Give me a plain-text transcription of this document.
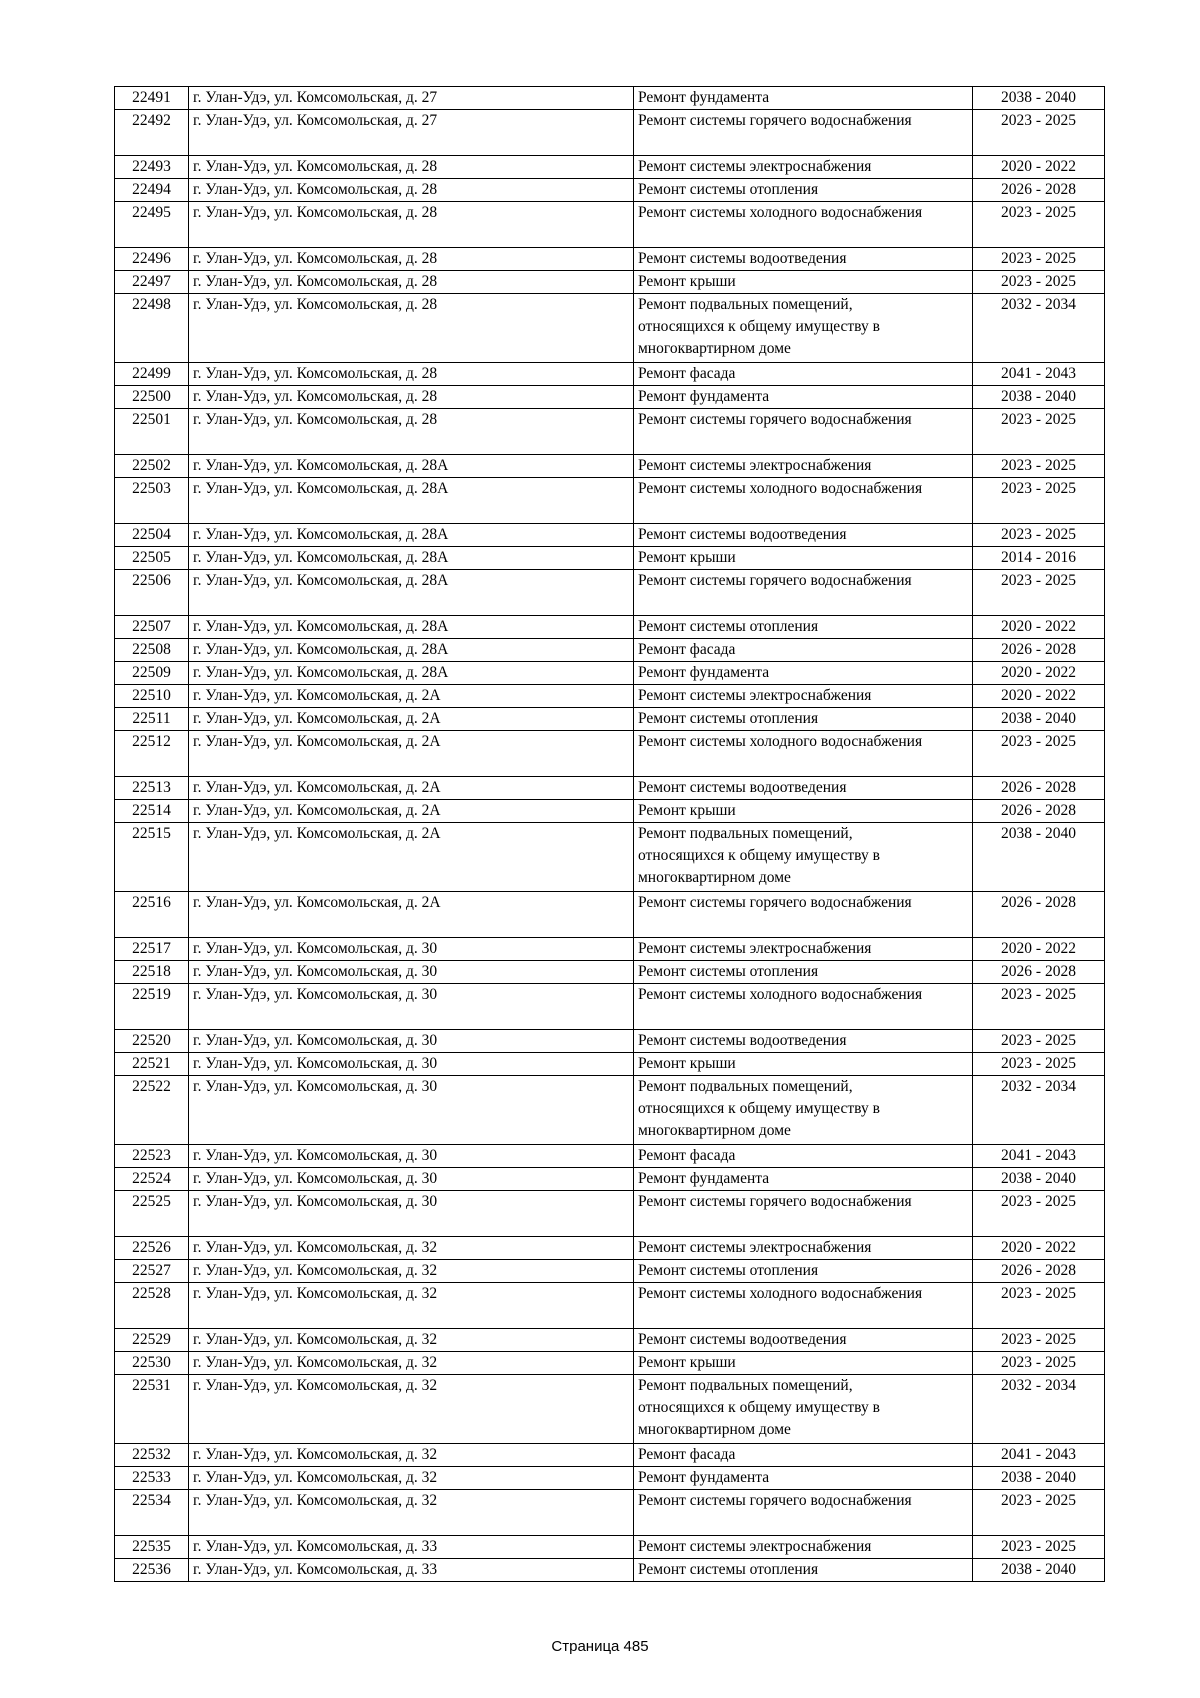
22491	г. Улан-Удэ, ул. Комсомольская, д. 27	Ремонт фундамента	2038 - 2040
22492	г. Улан-Удэ, ул. Комсомольская, д. 27	Ремонт системы горячего водоснабжения	2023 - 2025
22493	г. Улан-Удэ, ул. Комсомольская, д. 28	Ремонт системы электроснабжения	2020 - 2022
22494	г. Улан-Удэ, ул. Комсомольская, д. 28	Ремонт системы отопления	2026 - 2028
22495	г. Улан-Удэ, ул. Комсомольская, д. 28	Ремонт системы холодного водоснабжения	2023 - 2025
22496	г. Улан-Удэ, ул. Комсомольская, д. 28	Ремонт системы водоотведения	2023 - 2025
22497	г. Улан-Удэ, ул. Комсомольская, д. 28	Ремонт крыши	2023 - 2025
22498	г. Улан-Удэ, ул. Комсомольская, д. 28	Ремонт подвальных помещений,
относящихся к общему имуществу в
многоквартирном доме	2032 - 2034
22499	г. Улан-Удэ, ул. Комсомольская, д. 28	Ремонт фасада	2041 - 2043
22500	г. Улан-Удэ, ул. Комсомольская, д. 28	Ремонт фундамента	2038 - 2040
22501	г. Улан-Удэ, ул. Комсомольская, д. 28	Ремонт системы горячего водоснабжения	2023 - 2025
22502	г. Улан-Удэ, ул. Комсомольская, д. 28А	Ремонт системы электроснабжения	2023 - 2025
22503	г. Улан-Удэ, ул. Комсомольская, д. 28А	Ремонт системы холодного водоснабжения	2023 - 2025
22504	г. Улан-Удэ, ул. Комсомольская, д. 28А	Ремонт системы водоотведения	2023 - 2025
22505	г. Улан-Удэ, ул. Комсомольская, д. 28А	Ремонт крыши	2014 - 2016
22506	г. Улан-Удэ, ул. Комсомольская, д. 28А	Ремонт системы горячего водоснабжения	2023 - 2025
22507	г. Улан-Удэ, ул. Комсомольская, д. 28А	Ремонт системы отопления	2020 - 2022
22508	г. Улан-Удэ, ул. Комсомольская, д. 28А	Ремонт фасада	2026 - 2028
22509	г. Улан-Удэ, ул. Комсомольская, д. 28А	Ремонт фундамента	2020 - 2022
22510	г. Улан-Удэ, ул. Комсомольская, д. 2А	Ремонт системы электроснабжения	2020 - 2022
22511	г. Улан-Удэ, ул. Комсомольская, д. 2А	Ремонт системы отопления	2038 - 2040
22512	г. Улан-Удэ, ул. Комсомольская, д. 2А	Ремонт системы холодного водоснабжения	2023 - 2025
22513	г. Улан-Удэ, ул. Комсомольская, д. 2А	Ремонт системы водоотведения	2026 - 2028
22514	г. Улан-Удэ, ул. Комсомольская, д. 2А	Ремонт крыши	2026 - 2028
22515	г. Улан-Удэ, ул. Комсомольская, д. 2А	Ремонт подвальных помещений,
относящихся к общему имуществу в
многоквартирном доме	2038 - 2040
22516	г. Улан-Удэ, ул. Комсомольская, д. 2А	Ремонт системы горячего водоснабжения	2026 - 2028
22517	г. Улан-Удэ, ул. Комсомольская, д. 30	Ремонт системы электроснабжения	2020 - 2022
22518	г. Улан-Удэ, ул. Комсомольская, д. 30	Ремонт системы отопления	2026 - 2028
22519	г. Улан-Удэ, ул. Комсомольская, д. 30	Ремонт системы холодного водоснабжения	2023 - 2025
22520	г. Улан-Удэ, ул. Комсомольская, д. 30	Ремонт системы водоотведения	2023 - 2025
22521	г. Улан-Удэ, ул. Комсомольская, д. 30	Ремонт крыши	2023 - 2025
22522	г. Улан-Удэ, ул. Комсомольская, д. 30	Ремонт подвальных помещений,
относящихся к общему имуществу в
многоквартирном доме	2032 - 2034
22523	г. Улан-Удэ, ул. Комсомольская, д. 30	Ремонт фасада	2041 - 2043
22524	г. Улан-Удэ, ул. Комсомольская, д. 30	Ремонт фундамента	2038 - 2040
22525	г. Улан-Удэ, ул. Комсомольская, д. 30	Ремонт системы горячего водоснабжения	2023 - 2025
22526	г. Улан-Удэ, ул. Комсомольская, д. 32	Ремонт системы электроснабжения	2020 - 2022
22527	г. Улан-Удэ, ул. Комсомольская, д. 32	Ремонт системы отопления	2026 - 2028
22528	г. Улан-Удэ, ул. Комсомольская, д. 32	Ремонт системы холодного водоснабжения	2023 - 2025
22529	г. Улан-Удэ, ул. Комсомольская, д. 32	Ремонт системы водоотведения	2023 - 2025
22530	г. Улан-Удэ, ул. Комсомольская, д. 32	Ремонт крыши	2023 - 2025
22531	г. Улан-Удэ, ул. Комсомольская, д. 32	Ремонт подвальных помещений,
относящихся к общему имуществу в
многоквартирном доме	2032 - 2034
22532	г. Улан-Удэ, ул. Комсомольская, д. 32	Ремонт фасада	2041 - 2043
22533	г. Улан-Удэ, ул. Комсомольская, д. 32	Ремонт фундамента	2038 - 2040
22534	г. Улан-Удэ, ул. Комсомольская, д. 32	Ремонт системы горячего водоснабжения	2023 - 2025
22535	г. Улан-Удэ, ул. Комсомольская, д. 33	Ремонт системы электроснабжения	2023 - 2025
22536	г. Улан-Удэ, ул. Комсомольская, д. 33	Ремонт системы отопления	2038 - 2040
Страница 485
